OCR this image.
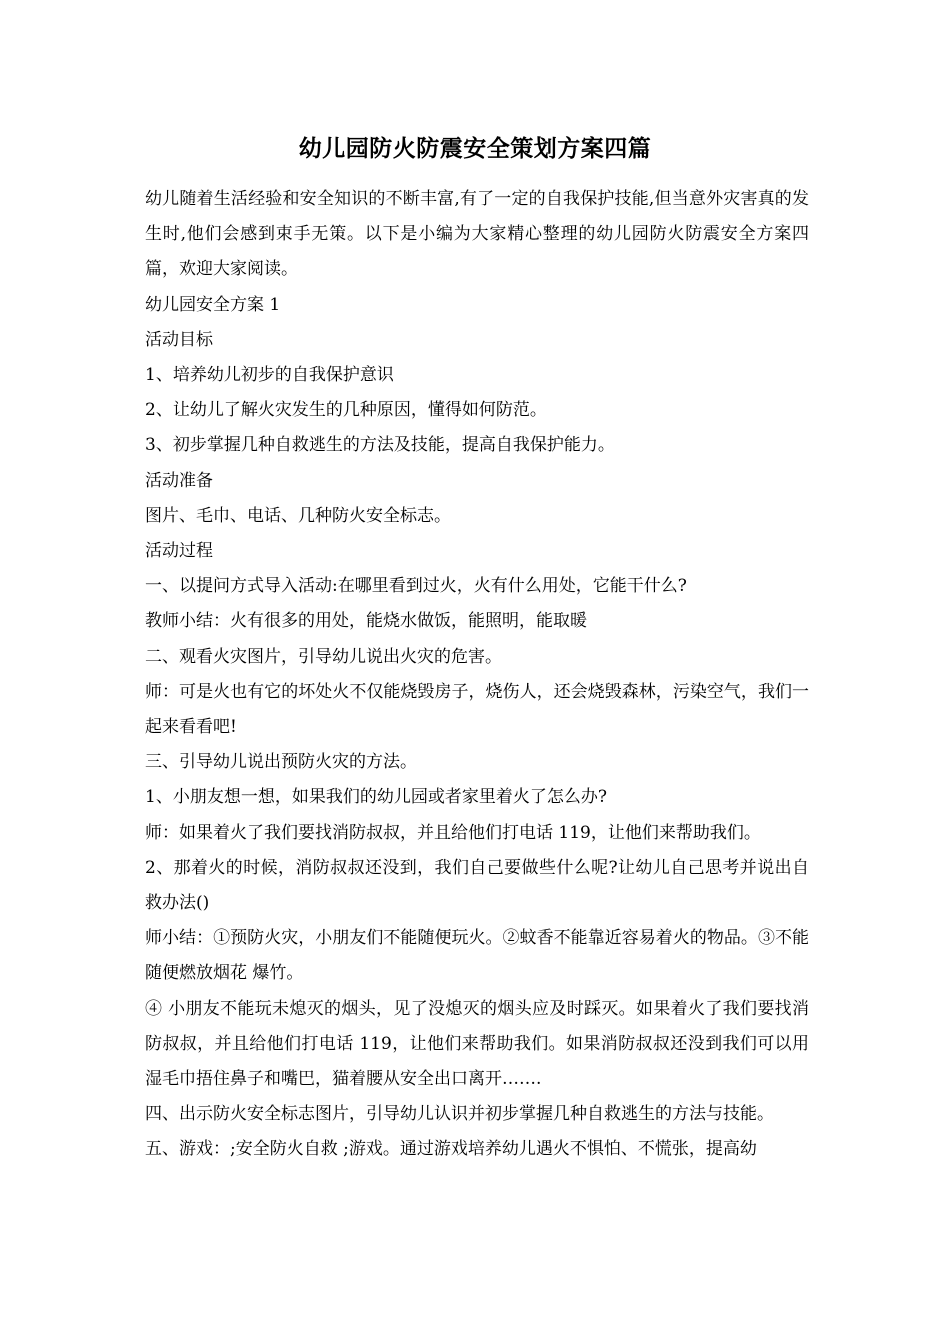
幼儿园防火防震安全策划方案四篇

幼儿随着生活经验和安全知识的不断丰富,有了一定的自我保护技能,但当意外灾害真的发生时,他们会感到束手无策。以下是小编为大家精心整理的幼儿园防火防震安全方案四篇，欢迎大家阅读。

幼儿园安全方案 1

活动目标

1、培养幼儿初步的自我保护意识

2、让幼儿了解火灾发生的几种原因，懂得如何防范。

3、初步掌握几种自救逃生的方法及技能，提高自我保护能力。

活动准备

图片、毛巾、电话、几种防火安全标志。

活动过程

一、以提问方式导入活动:在哪里看到过火，火有什么用处，它能干什么?

教师小结：火有很多的用处，能烧水做饭，能照明，能取暖

二、观看火灾图片，引导幼儿说出火灾的危害。

师：可是火也有它的坏处火不仅能烧毁房子，烧伤人，还会烧毁森林，污染空气，我们一起来看看吧!

三、引导幼儿说出预防火灾的方法。

1、小朋友想一想，如果我们的幼儿园或者家里着火了怎么办?

师：如果着火了我们要找消防叔叔，并且给他们打电话 119，让他们来帮助我们。

2、那着火的时候，消防叔叔还没到，我们自己要做些什么呢?让幼儿自己思考并说出自救办法()

师小结：①预防火灾，小朋友们不能随便玩火。②蚊香不能靠近容易着火的物品。③不能随便燃放烟花 爆竹。

④ 小朋友不能玩未熄灭的烟头，见了没熄灭的烟头应及时踩灭。如果着火了我们要找消防叔叔，并且给他们打电话 119，让他们来帮助我们。如果消防叔叔还没到我们可以用湿毛巾捂住鼻子和嘴巴，猫着腰从安全出口离开…….

四、出示防火安全标志图片，引导幼儿认识并初步掌握几种自救逃生的方法与技能。

五、游戏：;安全防火自救 ;游戏。通过游戏培养幼儿遇火不惧怕、不慌张，提高幼
